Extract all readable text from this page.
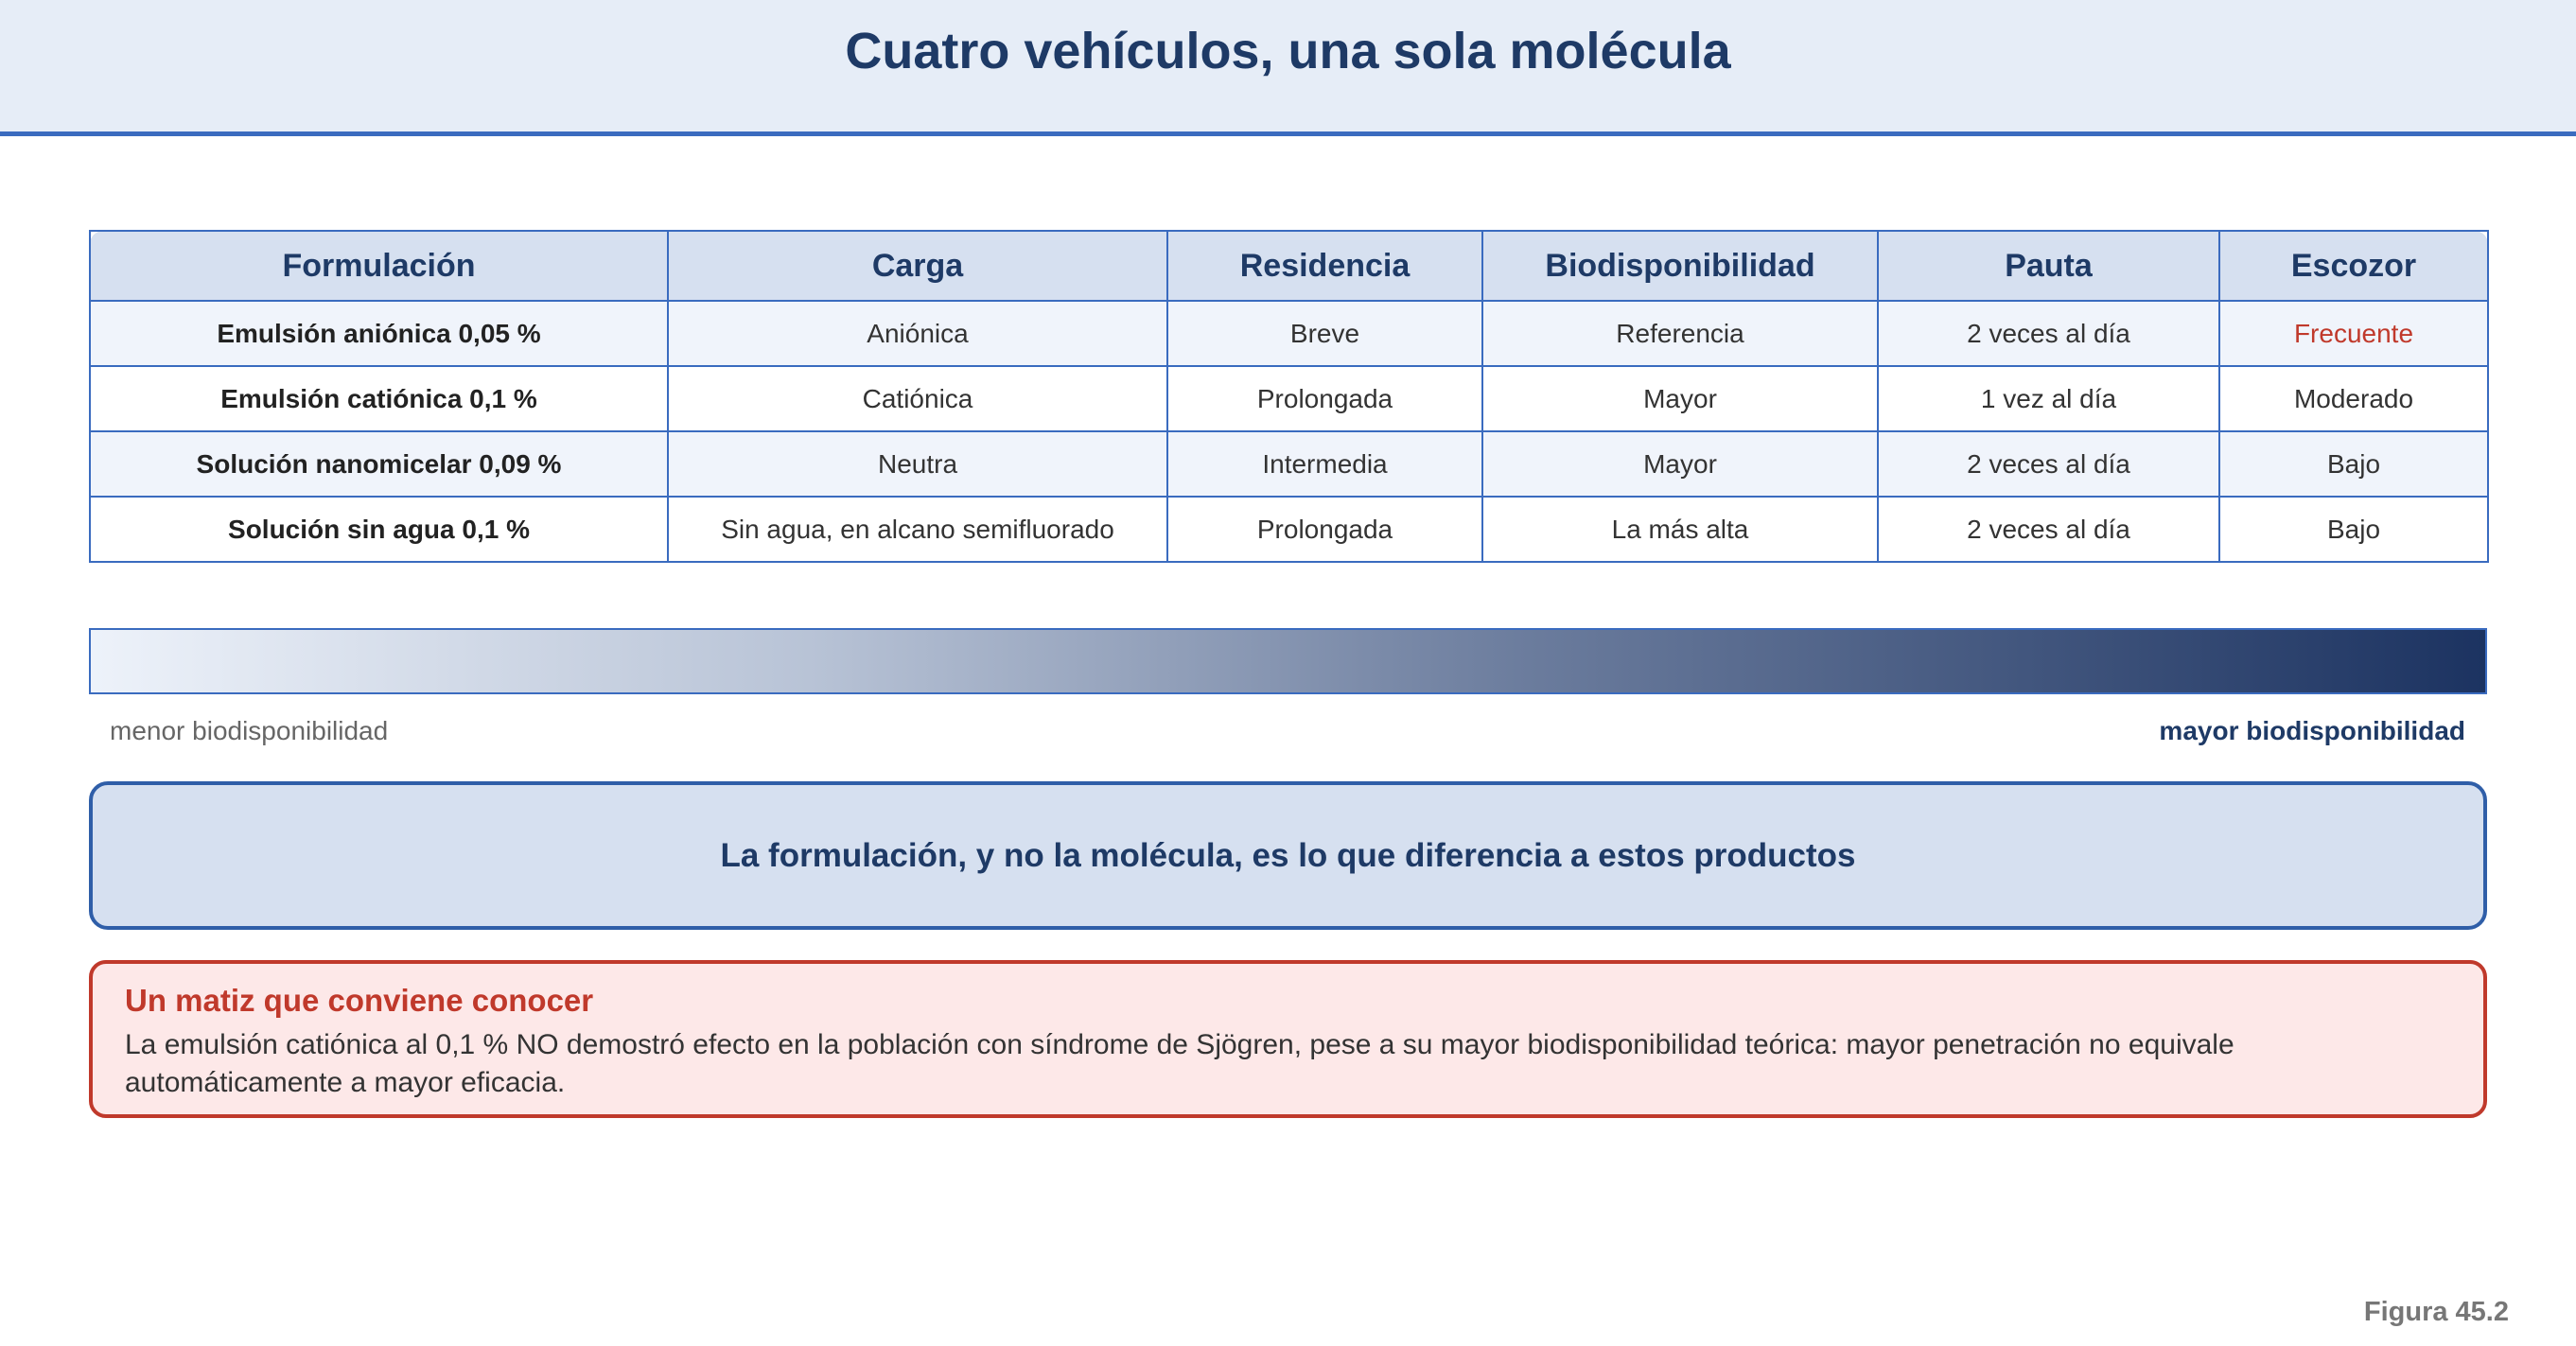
Cuatro vehículos, una sola molécula
Formulación	Carga	Residencia	Biodisponibilidad	Pauta	Escozor
Emulsión aniónica 0,05 %	Aniónica	Breve	Referencia	2 veces al día	Frecuente
Emulsión catiónica 0,1 %	Catiónica	Prolongada	Mayor	1 vez al día	Moderado
Solución nanomicelar 0,09 %	Neutra	Intermedia	Mayor	2 veces al día	Bajo
Solución sin agua 0,1 %	Sin agua, en alcano semifluorado	Prolongada	La más alta	2 veces al día	Bajo
menor biodisponibilidad	mayor biodisponibilidad
La formulación, y no la molécula, es lo que diferencia a estos productos

Un matiz que conviene conocer

La emulsión catiónica al 0,1 % NO demostró efecto en la población con síndrome de Sjögren, pese a su mayor biodisponibilidad teórica: mayor penetración no equivale automáticamente a mayor eficacia.

Figura 45.2
